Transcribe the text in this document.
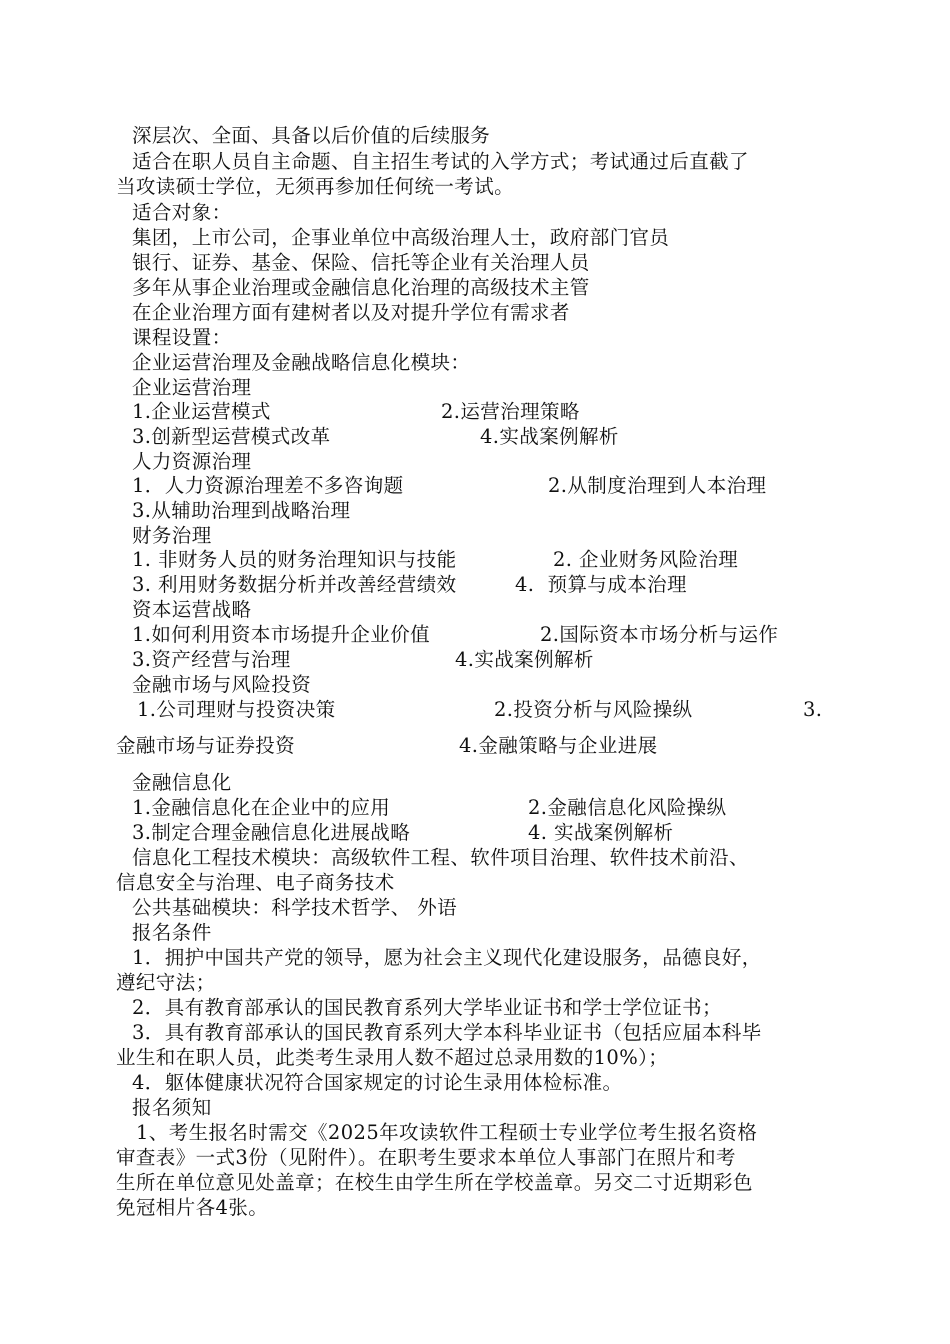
深层次、全面、具备以后价值的后续服务
适合在职人员自主命题、自主招生考试的入学方式；考试通过后直截了
当攻读硕士学位，无须再参加任何统一考试。
适合对象：
集团，上市公司，企事业单位中高级治理人士，政府部门官员
银行、证券、基金、保险、信托等企业有关治理人员
多年从事企业治理或金融信息化治理的高级技术主管
在企业治理方面有建树者以及对提升学位有需求者
课程设置：
企业运营治理及金融战略信息化模块：
企业运营治理
1.企业运营模式	2.运营治理策略
3.创新型运营模式改革	4.实战案例解析
人力资源治理
1．人力资源治理差不多咨询题	2.从制度治理到人本治理
3.从辅助治理到战略治理
财务治理
1. 非财务人员的财务治理知识与技能	2. 企业财务风险治理
3. 利用财务数据分析并改善经营绩效	4.  预算与成本治理
资本运营战略
1.如何利用资本市场提升企业价值	2.国际资本市场分析与运作
3.资产经营与治理	4.实战案例解析
金融市场与风险投资
1.公司理财与投资决策	2.投资分析与风险操纵	3.
金融市场与证券投资	4.金融策略与企业进展
金融信息化
1.金融信息化在企业中的应用	2.金融信息化风险操纵
3.制定合理金融信息化进展战略	4. 实战案例解析
信息化工程技术模块：高级软件工程、软件项目治理、软件技术前沿、
信息安全与治理、电子商务技术
公共基础模块：科学技术哲学、 外语
报名条件
1．拥护中国共产党的领导，愿为社会主义现代化建设服务，品德良好，
遵纪守法；
2．具有教育部承认的国民教育系列大学毕业证书和学士学位证书；
3．具有教育部承认的国民教育系列大学本科毕业证书（包括应届本科毕
业生和在职人员，此类考生录用人数不超过总录用数的10%）；
4．躯体健康状况符合国家规定的讨论生录用体检标准。
报名须知
1、考生报名时需交《2025年攻读软件工程硕士专业学位考生报名资格
审查表》一式3份（见附件）。在职考生要求本单位人事部门在照片和考
生所在单位意见处盖章；在校生由学生所在学校盖章。另交二寸近期彩色
免冠相片各4张。
